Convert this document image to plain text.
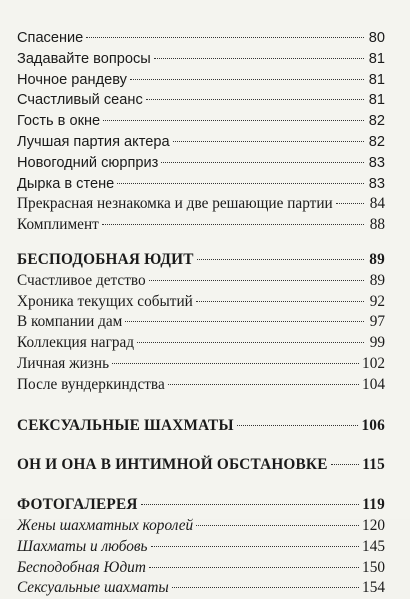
Спасение	80
Задавайте вопросы	81
Ночное рандеву	81
Счастливый сеанс	81
Гость в окне	82
Лучшая партия актера	82
Новогодний сюрприз	83
Дырка в стене	83
Прекрасная незнакомка и две решающие партии 84
Комплимент	88
БЕСПОДОБНАЯ ЮДИТ	89
Счастливое детство	89
Хроника текущих событий	92
В компании дам	97
Коллекция наград	99
Личная жизнь	102
После вундеркиндства	104
СЕКСУАЛЬНЫЕ ШАХМАТЫ	106
ОН И ОНА В ИНТИМНОЙ ОБСТАНОВКЕ 115
ФОТОГАЛЕРЕЯ	119
Жены шахматных королей	120
Шахматы и любовь	145
Бесподобная Юдит	150
Сексуальные шахматы	154
